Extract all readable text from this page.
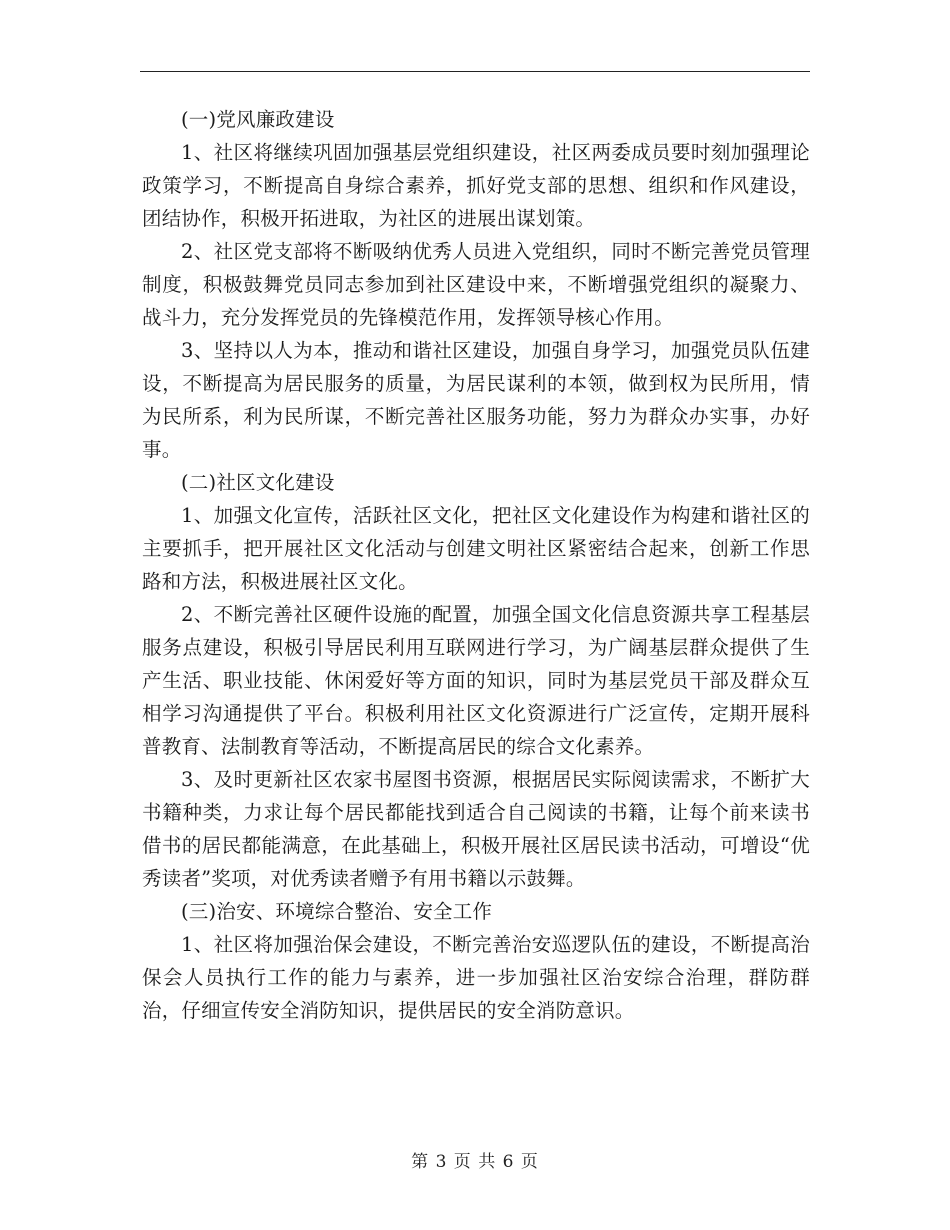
(一)党风廉政建设

1、社区将继续巩固加强基层党组织建设，社区两委成员要时刻加强理论政策学习，不断提高自身综合素养，抓好党支部的思想、组织和作风建设，团结协作，积极开拓进取，为社区的进展出谋划策。

2、社区党支部将不断吸纳优秀人员进入党组织，同时不断完善党员管理制度，积极鼓舞党员同志参加到社区建设中来，不断增强党组织的凝聚力、战斗力，充分发挥党员的先锋模范作用，发挥领导核心作用。

3、坚持以人为本，推动和谐社区建设，加强自身学习，加强党员队伍建设，不断提高为居民服务的质量，为居民谋利的本领，做到权为民所用，情为民所系，利为民所谋，不断完善社区服务功能，努力为群众办实事，办好事。

(二)社区文化建设

1、加强文化宣传，活跃社区文化，把社区文化建设作为构建和谐社区的主要抓手，把开展社区文化活动与创建文明社区紧密结合起来，创新工作思路和方法，积极进展社区文化。

2、不断完善社区硬件设施的配置，加强全国文化信息资源共享工程基层服务点建设，积极引导居民利用互联网进行学习，为广阔基层群众提供了生产生活、职业技能、休闲爱好等方面的知识，同时为基层党员干部及群众互相学习沟通提供了平台。积极利用社区文化资源进行广泛宣传，定期开展科普教育、法制教育等活动，不断提高居民的综合文化素养。

3、及时更新社区农家书屋图书资源，根据居民实际阅读需求，不断扩大书籍种类，力求让每个居民都能找到适合自己阅读的书籍，让每个前来读书借书的居民都能满意，在此基础上，积极开展社区居民读书活动，可增设“优秀读者”奖项，对优秀读者赠予有用书籍以示鼓舞。

(三)治安、环境综合整治、安全工作

1、社区将加强治保会建设，不断完善治安巡逻队伍的建设，不断提高治保会人员执行工作的能力与素养，进一步加强社区治安综合治理，群防群治，仔细宣传安全消防知识，提供居民的安全消防意识。

第 3 页 共 6 页
